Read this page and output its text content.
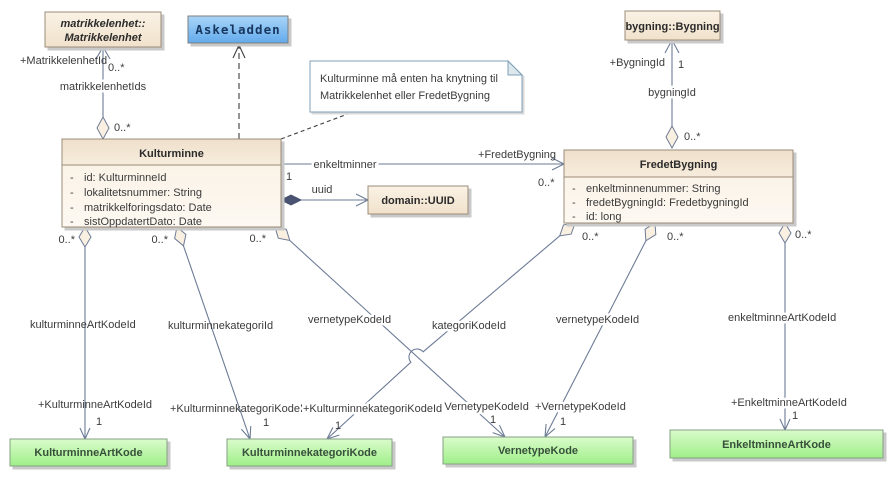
+MatrikkelenhetId
0..*
matrikkelenhetIds
0..*
+BygningId 1
bygningId
0..*
enkeltminner
1
+FredetBygning
0..*
uuid
0..*
kulturminneArtKodeId
+KulturminneArtKodeId
1
0..*
kulturminnekategoriId
+KulturminnekategoriKodeId
1
0..*
vernetypeKodeId
+VernetypeKodeId
1
0..*
kategoriKodeId
+KulturminnekategoriKodeId
1
0..*
vernetypeKodeId
+VernetypeKodeId
1
0..*
enkeltminneArtKodeId
+EnkeltminneArtKodeId
1
matrikkelenhet::
Matrikkelenhet
Askeladden	bygning::Bygning
Kulturminne må enten ha knytning til
Matrikkelenhet eller FredetBygning
Kulturminne
- id: KulturminneId
- lokalitetsnummer: String
- matrikkelforingsdato: Date
- sistOppdatertDato: Date
FredetBygning
- enkeltminnenummer: String
- fredetBygningId: FredetbygningId
- id: long
domain::UUID
KulturminneArtKode	KulturminnekategoriKode	VernetypeKode	EnkeltminneArtKode
